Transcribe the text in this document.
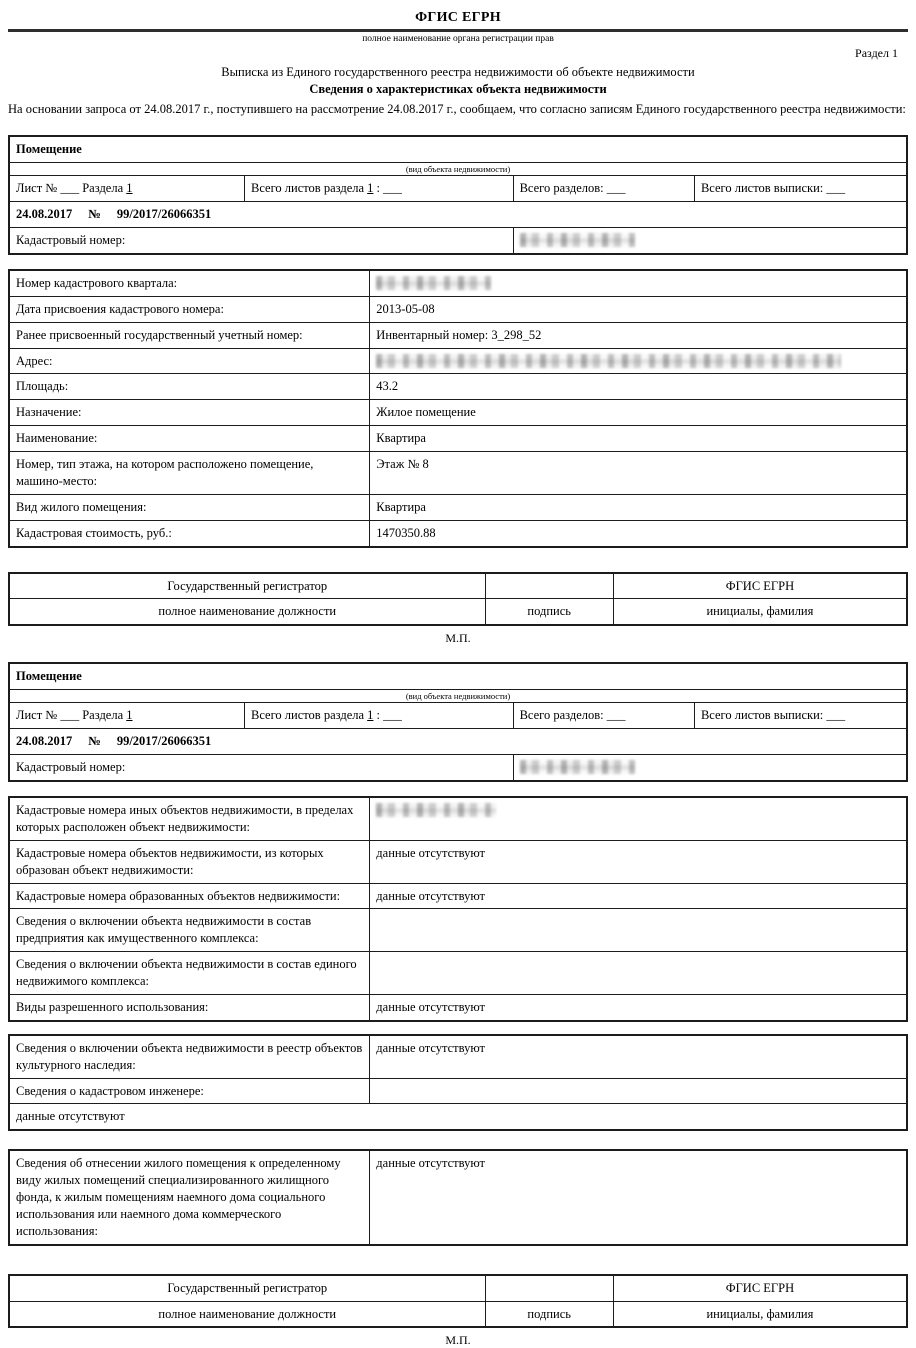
ФГИС ЕГРН
полное наименование органа регистрации прав
Раздел 1
Выписка из Единого государственного реестра недвижимости об объекте недвижимости
Сведения о характеристиках объекта недвижимости
На основании запроса от 24.08.2017 г., поступившего на рассмотрение 24.08.2017 г., сообщаем, что согласно записям Единого государственного реестра недвижимости:
Помещение			
(вид объекта недвижимости)			
Лист № ___ Раздела 1	Всего листов раздела 1 : ___	Всего разделов: ___	Всего листов выписки: ___
24.08.2017 № 99/2017/26066351			
Кадастровый номер:			
Номер кадастрового квартала:	
Дата присвоения кадастрового номера:	2013-05-08
Ранее присвоенный государственный учетный номер:	Инвентарный номер: 3_298_52
Адрес:	
Площадь:	43.2
Назначение:	Жилое помещение
Наименование:	Квартира
Номер, тип этажа, на котором расположено помещение, машино-место:	Этаж № 8
Вид жилого помещения:	Квартира
Кадастровая стоимость, руб.:	1470350.88
Государственный регистратор		ФГИС ЕГРН
полное наименование должности	подпись	инициалы, фамилия
М.П.
Помещение			
(вид объекта недвижимости)			
Лист № ___ Раздела 1	Всего листов раздела 1 : ___	Всего разделов: ___	Всего листов выписки: ___
24.08.2017 № 99/2017/26066351			
Кадастровый номер:			
Кадастровые номера иных объектов недвижимости, в пределах которых расположен объект недвижимости:	
Кадастровые номера объектов недвижимости, из которых образован объект недвижимости:	данные отсутствуют
Кадастровые номера образованных объектов недвижимости:	данные отсутствуют
Сведения о включении объекта недвижимости в состав предприятия как имущественного комплекса:	
Сведения о включении объекта недвижимости в состав единого недвижимого комплекса:	
Виды разрешенного использования:	данные отсутствуют
Сведения о включении объекта недвижимости в реестр объектов культурного наследия:	данные отсутствуют
Сведения о кадастровом инженере:	
данные отсутствуют	
Сведения об отнесении жилого помещения к определенному виду жилых помещений специализированного жилищного фонда, к жилым помещениям наемного дома социального использования или наемного дома коммерческого использования:	данные отсутствуют
Государственный регистратор		ФГИС ЕГРН
полное наименование должности	подпись	инициалы, фамилия
М.П.
